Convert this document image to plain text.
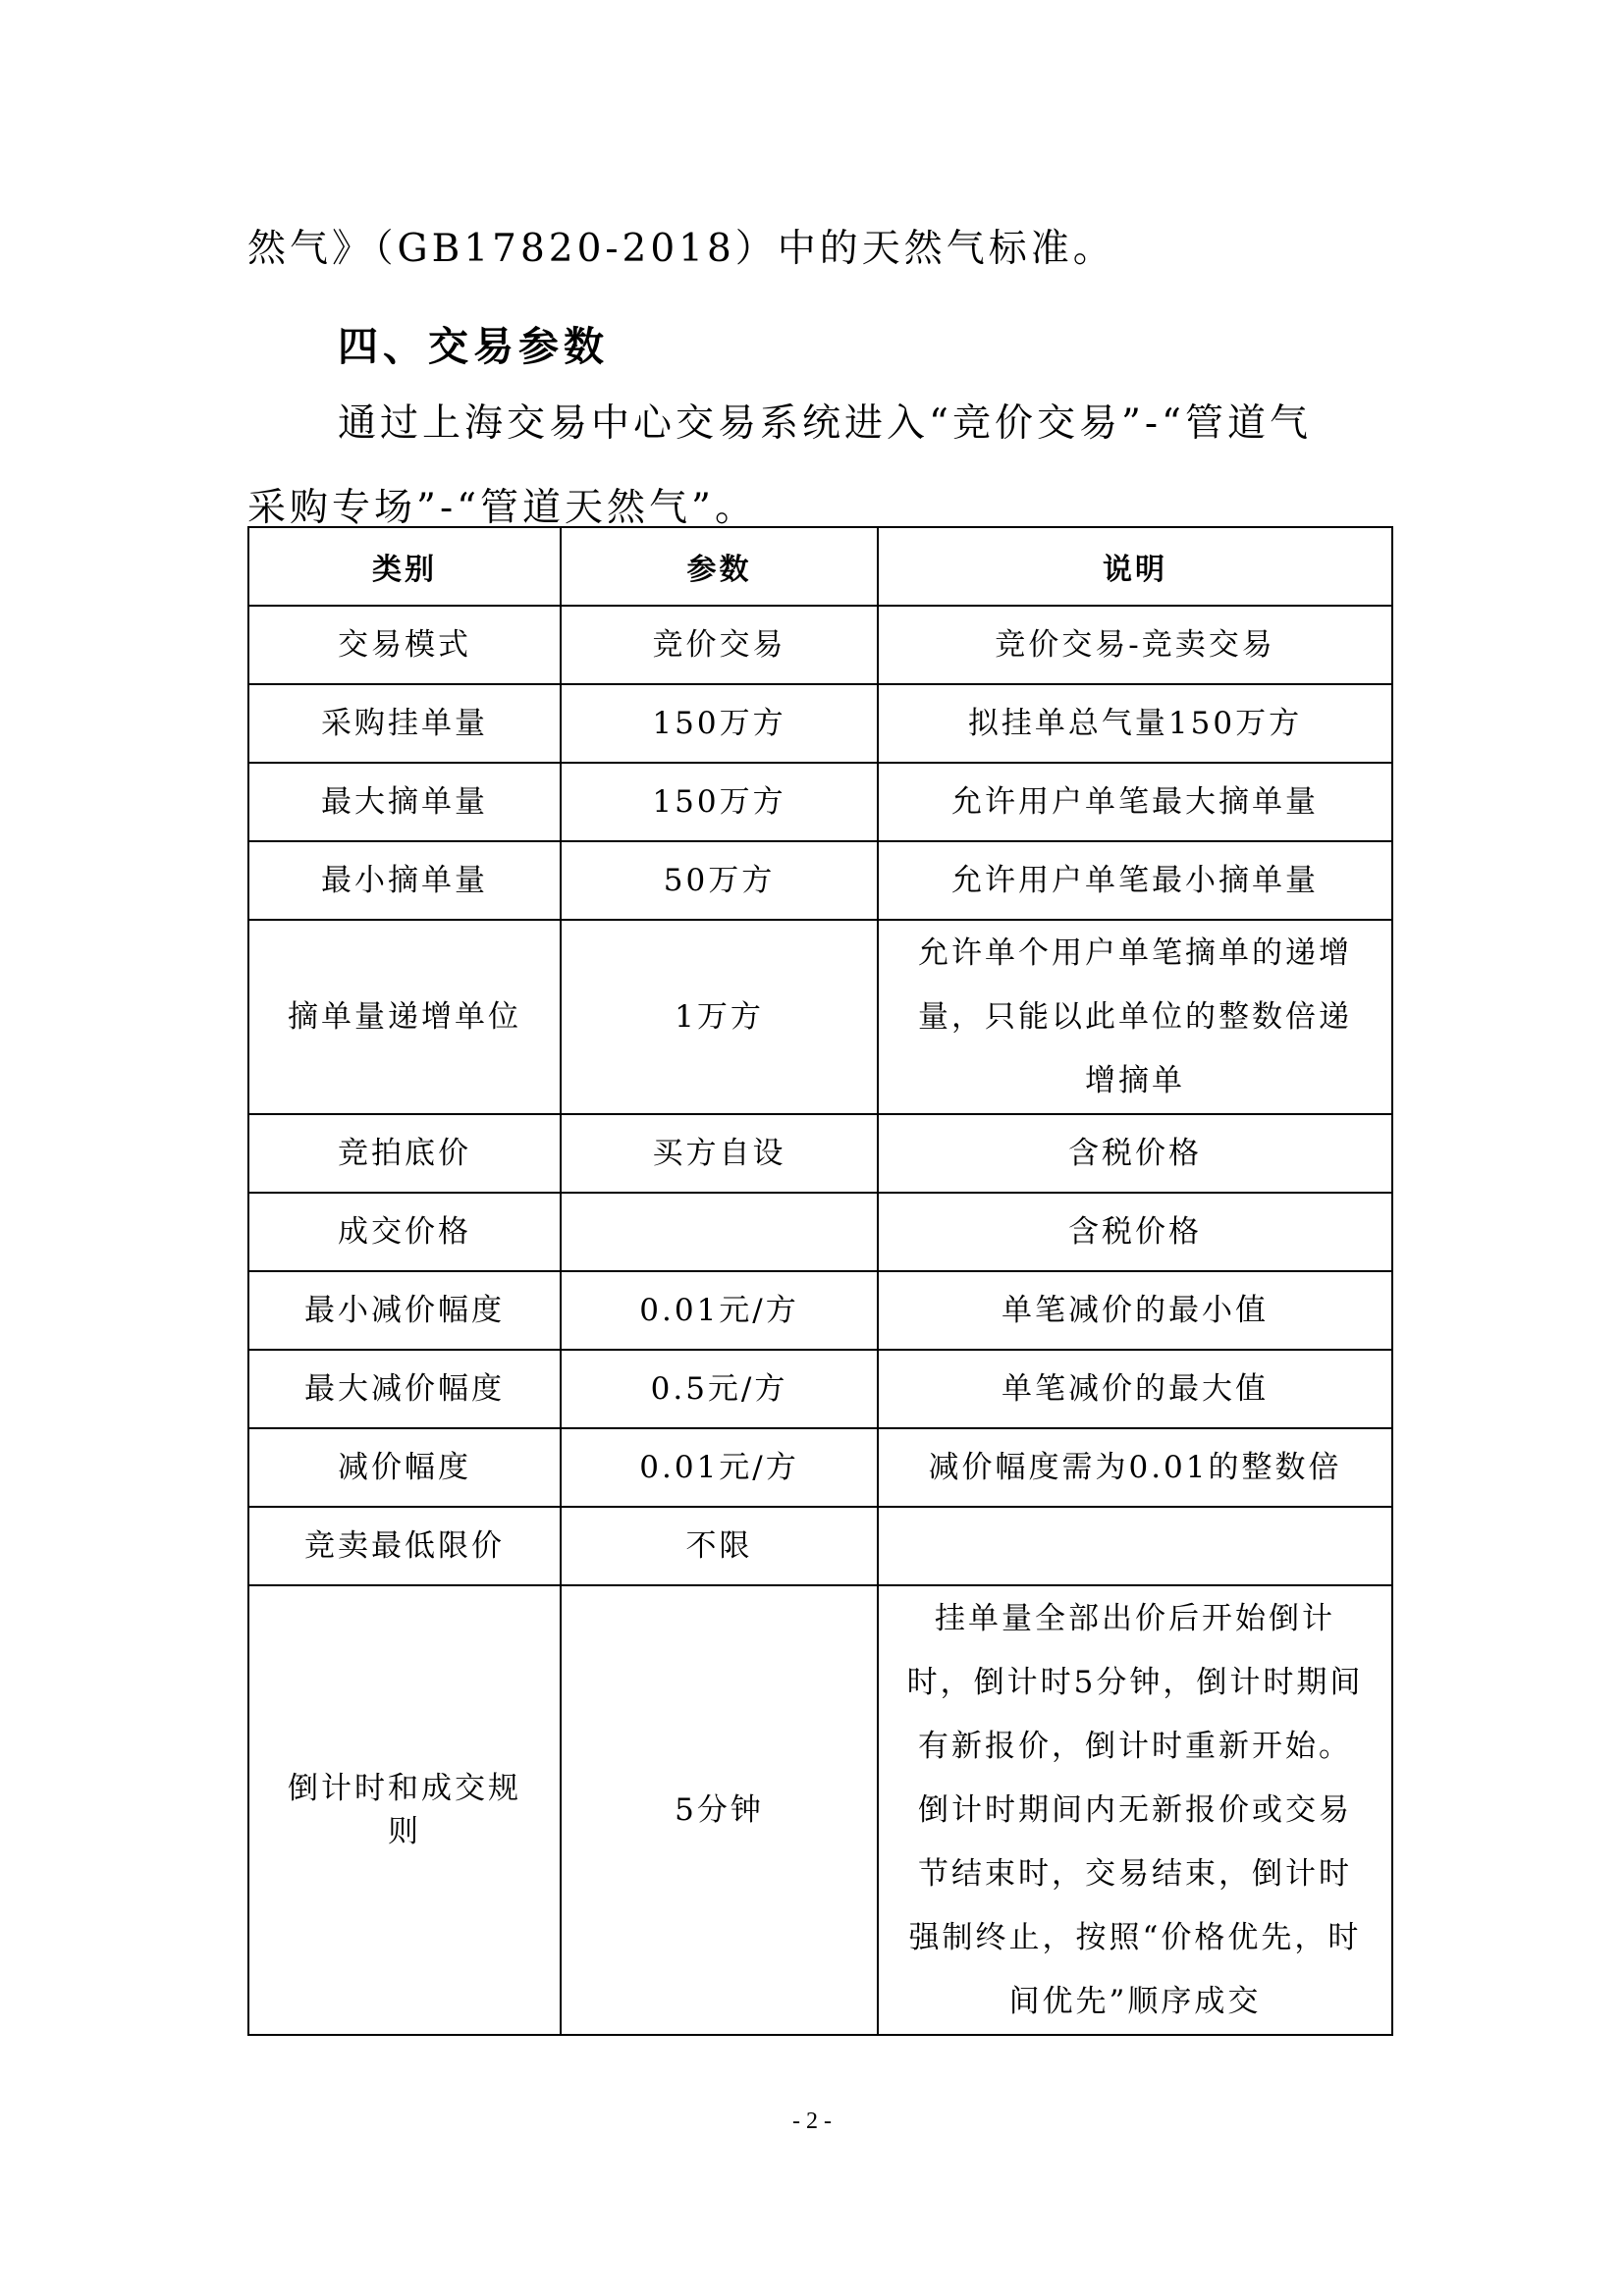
然气》（GB17820-2018）中的天然气标准。

四、交易参数

通过上海交易中心交易系统进入“竞价交易”-“管道气

采购专场”-“管道天然气”。

类别	参数	说明
交易模式	竞价交易	竞价交易-竞卖交易
采购挂单量	150万方	拟挂单总气量150万方
最大摘单量	150万方	允许用户单笔最大摘单量
最小摘单量	50万方	允许用户单笔最小摘单量
摘单量递增单位	1万方	允许单个用户单笔摘单的递增量，只能以此单位的整数倍递增摘单
竞拍底价	买方自设	含税价格
成交价格		含税价格
最小减价幅度	0.01元/方	单笔减价的最小值
最大减价幅度	0.5元/方	单笔减价的最大值
减价幅度	0.01元/方	减价幅度需为0.01的整数倍
竞卖最低限价	不限	
倒计时和成交规则	5分钟	挂单量全部出价后开始倒计时，倒计时5分钟，倒计时期间有新报价，倒计时重新开始。倒计时期间内无新报价或交易节结束时，交易结束，倒计时强制终止，按照“价格优先，时间优先”顺序成交
- 2 -
